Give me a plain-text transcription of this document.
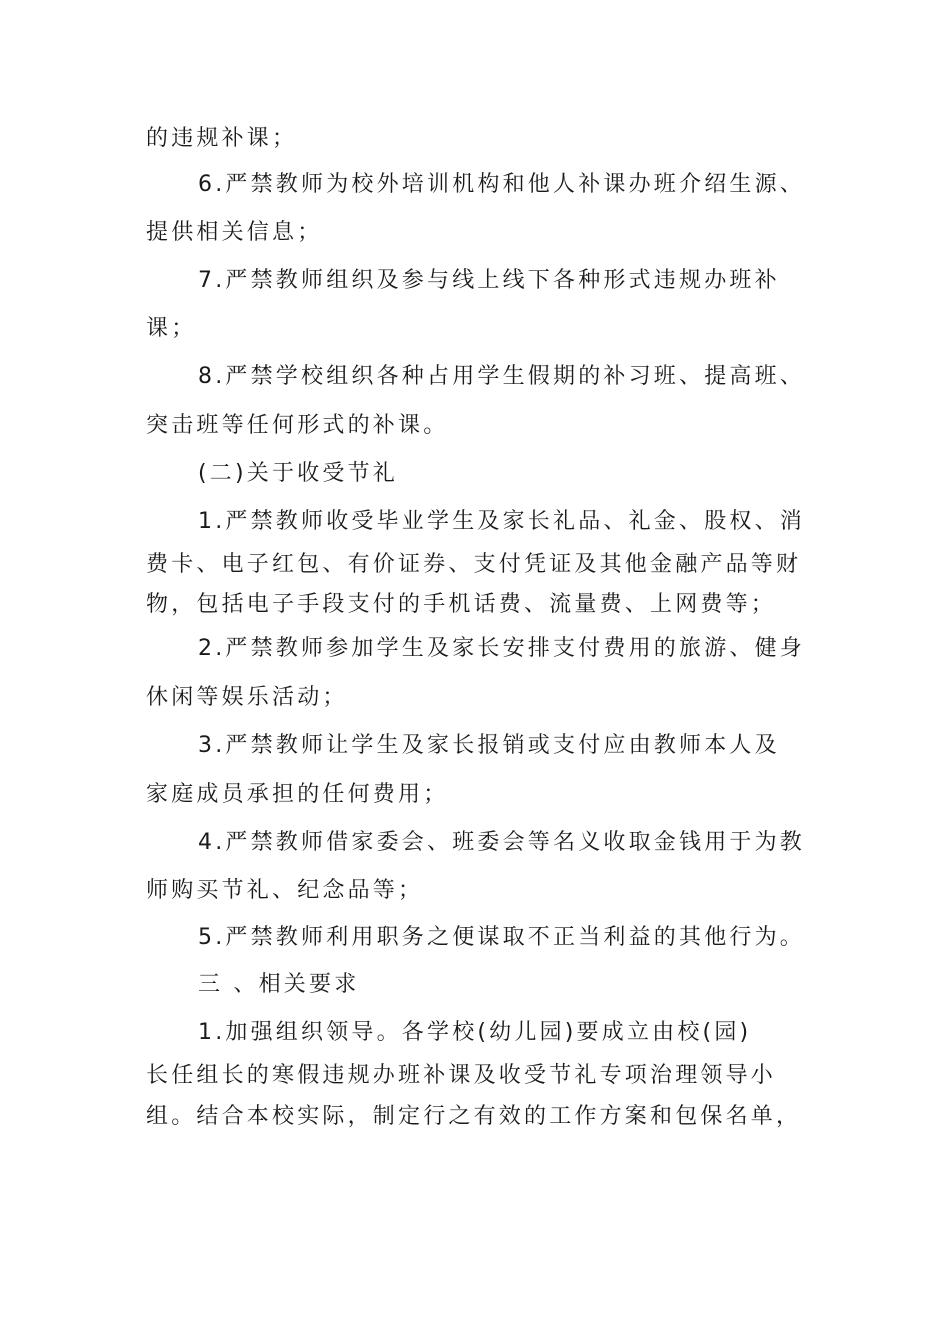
的违规补课；
6.严禁教师为校外培训机构和他人补课办班介绍生源、
提供相关信息；
7.严禁教师组织及参与线上线下各种形式违规办班补
课；
8.严禁学校组织各种占用学生假期的补习班、提高班、
突击班等任何形式的补课。
(二)关于收受节礼
1.严禁教师收受毕业学生及家长礼品、礼金、股权、消
费卡、电子红包、有价证券、支付凭证及其他金融产品等财
物，包括电子手段支付的手机话费、流量费、上网费等；
2.严禁教师参加学生及家长安排支付费用的旅游、健身
休闲等娱乐活动；
3.严禁教师让学生及家长报销或支付应由教师本人及
家庭成员承担的任何费用；
4.严禁教师借家委会、班委会等名义收取金钱用于为教
师购买节礼、纪念品等；
5.严禁教师利用职务之便谋取不正当利益的其他行为。
三 、相关要求
1.加强组织领导。各学校(幼儿园)要成立由校(园)
长任组长的寒假违规办班补课及收受节礼专项治理领导小
组。结合本校实际，制定行之有效的工作方案和包保名单，
